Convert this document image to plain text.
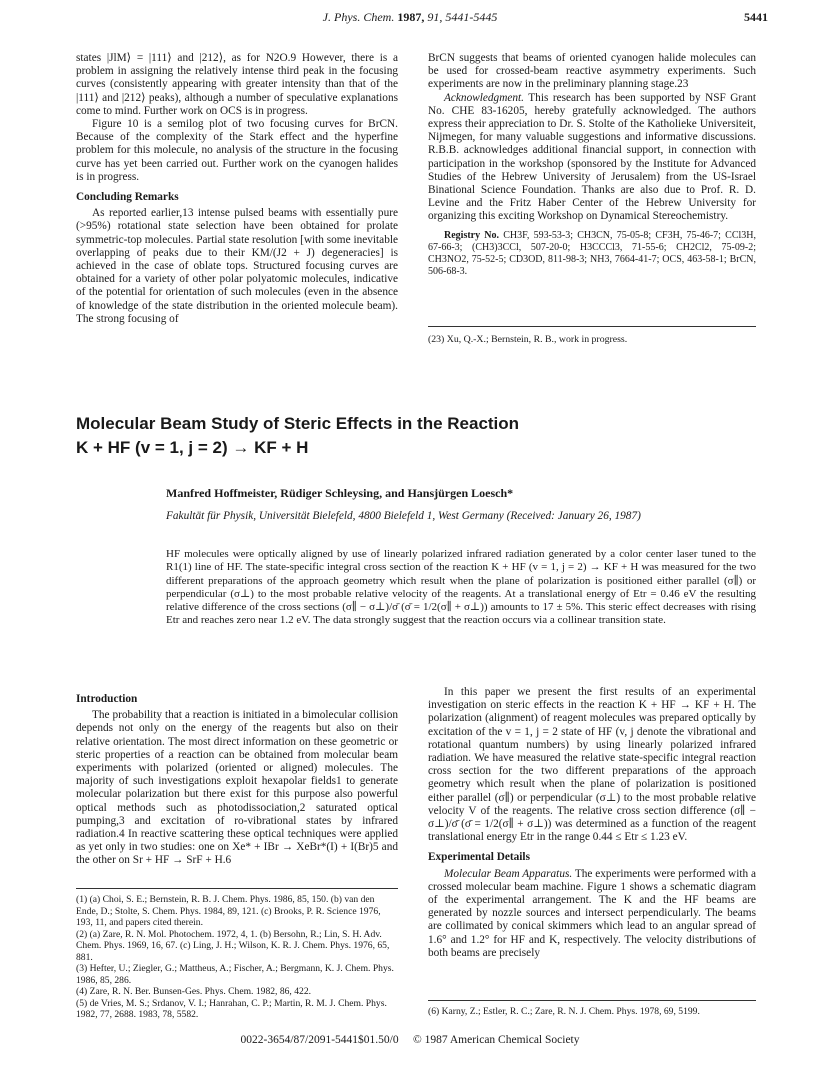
J. Phys. Chem. 1987, 91, 5441-5445	5441

states |JlM⟩ = |111⟩ and |212⟩, as for N2O.9 However, there is a problem in assigning the relatively intense third peak in the focusing curves (consistently appearing with greater intensity than that of the |111⟩ and |212⟩ peaks), although a number of speculative explanations come to mind. Further work on OCS is in progress.

Figure 10 is a semilog plot of two focusing curves for BrCN. Because of the complexity of the Stark effect and the hyperfine problem for this molecule, no analysis of the structure in the focusing curve has yet been carried out. Further work on the cyanogen halides is in progress.

Concluding Remarks

As reported earlier,13 intense pulsed beams with essentially pure (>95%) rotational state selection have been obtained for prolate symmetric-top molecules. Partial state resolution [with some inevitable overlapping of peaks due to their KM/(J2 + J) degeneracies] is achieved in the case of oblate tops. Structured focusing curves are obtained for a variety of other polar polyatomic molecules, indicative of the potential for orientation of such molecules (even in the absence of knowledge of the state distribution in the oriented molecule beam). The strong focusing of

BrCN suggests that beams of oriented cyanogen halide molecules can be used for crossed-beam reactive asymmetry experiments. Such experiments are now in the preliminary planning stage.23

Acknowledgment. This research has been supported by NSF Grant No. CHE 83-16205, hereby gratefully acknowledged. The authors express their appreciation to Dr. S. Stolte of the Katholieke Universiteit, Nijmegen, for many valuable suggestions and informative discussions. R.B.B. acknowledges additional financial support, in connection with participation in the workshop (sponsored by the Institute for Advanced Studies of the Hebrew University of Jerusalem) from the US-Israel Binational Science Foundation. Thanks are also due to Prof. R. D. Levine and the Fritz Haber Center of the Hebrew University for organizing this exciting Workshop on Dynamical Stereochemistry.

Registry No. CH3F, 593-53-3; CH3CN, 75-05-8; CF3H, 75-46-7; CCl3H, 67-66-3; (CH3)3CCl, 507-20-0; H3CCCl3, 71-55-6; CH2Cl2, 75-09-2; CH3NO2, 75-52-5; CD3OD, 811-98-3; NH3, 7664-41-7; OCS, 463-58-1; BrCN, 506-68-3.

(23) Xu, Q.-X.; Bernstein, R. B., work in progress.
Molecular Beam Study of Steric Effects in the Reaction
K + HF (v = 1, j = 2) → KF + H
Manfred Hoffmeister, Rüdiger Schleysing, and Hansjürgen Loesch*
Fakultät für Physik, Universität Bielefeld, 4800 Bielefeld 1, West Germany (Received: January 26, 1987)
HF molecules were optically aligned by use of linearly polarized infrared radiation generated by a color center laser tuned to the R1(1) line of HF. The state-specific integral cross section of the reaction K + HF (v = 1, j = 2) → KF + H was measured for the two different preparations of the approach geometry which result when the plane of polarization is positioned either parallel (σ∥) or perpendicular (σ⊥) to the most probable relative velocity of the reagents. At a translational energy of Etr = 0.46 eV the resulting relative difference of the cross sections (σ∥ − σ⊥)/σ̄ (σ̄ = 1/2(σ∥ + σ⊥)) amounts to 17 ± 5%. This steric effect decreases with rising Etr and reaches zero near 1.2 eV. The data strongly suggest that the reaction occurs via a collinear transition state.
Introduction

The probability that a reaction is initiated in a bimolecular collision depends not only on the energy of the reagents but also on their relative orientation. The most direct information on these geometric or steric properties of a reaction can be obtained from molecular beam experiments with polarized (oriented or aligned) molecules. The majority of such investigations exploit hexapolar fields1 to generate molecular polarization but there exist for this purpose also powerful optical methods such as photodissociation,2 saturated optical pumping,3 and excitation of ro-vibrational states by infrared radiation.4 In reactive scattering these optical techniques were applied as yet only in two studies: one on Xe* + IBr → XeBr*(I) + I(Br)5 and the other on Sr + HF → SrF + H.6

In this paper we present the first results of an experimental investigation on steric effects in the reaction K + HF → KF + H. The polarization (alignment) of reagent molecules was prepared optically by excitation of the v = 1, j = 2 state of HF (v, j denote the vibrational and rotational quantum numbers) by using linearly polarized infrared radiation. We have measured the relative state-specific integral reaction cross section for the two different preparations of the approach geometry which result when the plane of polarization is positioned either parallel (σ∥) or perpendicular (σ⊥) to the most probable relative velocity V of the reagents. The relative cross section difference (σ∥ − σ⊥)/σ̄ (σ̄ = 1/2(σ∥ + σ⊥)) was determined as a function of the reagent translational energy Etr in the range 0.44 ≤ Etr ≤ 1.23 eV.

Experimental Details

Molecular Beam Apparatus. The experiments were performed with a crossed molecular beam machine. Figure 1 shows a schematic diagram of the experimental arrangement. The K and the HF beams are generated by nozzle sources and intersect perpendicularly. The beams are collimated by conical skimmers which lead to an angular spread of 1.6° and 1.2° for HF and K, respectively. The velocity distributions of both beams are precisely

(1) (a) Choi, S. E.; Bernstein, R. B. J. Chem. Phys. 1986, 85, 150. (b) van den Ende, D.; Stolte, S. Chem. Phys. 1984, 89, 121. (c) Brooks, P. R. Science 1976, 193, 11, and papers cited therein.
(2) (a) Zare, R. N. Mol. Photochem. 1972, 4, 1. (b) Bersohn, R.; Lin, S. H. Adv. Chem. Phys. 1969, 16, 67. (c) Ling, J. H.; Wilson, K. R. J. Chem. Phys. 1976, 65, 881.
(3) Hefter, U.; Ziegler, G.; Mattheus, A.; Fischer, A.; Bergmann, K. J. Chem. Phys. 1986, 85, 286.
(4) Zare, R. N. Ber. Bunsen-Ges. Phys. Chem. 1982, 86, 422.
(5) de Vries, M. S.; Srdanov, V. I.; Hanrahan, C. P.; Martin, R. M. J. Chem. Phys. 1982, 77, 2688. 1983, 78, 5582.	(6) Karny, Z.; Estler, R. C.; Zare, R. N. J. Chem. Phys. 1978, 69, 5199.
0022-3654/87/2091-5441$01.50/0 © 1987 American Chemical Society
